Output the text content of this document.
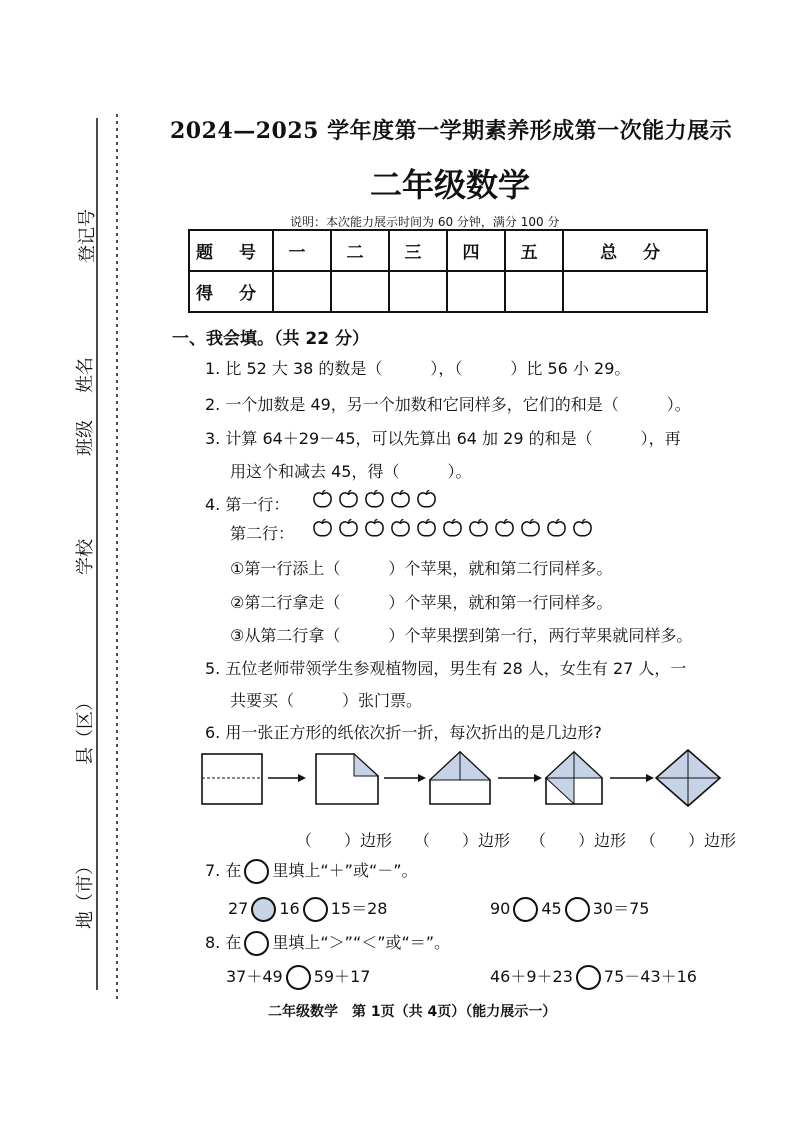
登记号
姓名
班级
学校
县（区）
地（市）
2024—2025 学年度第一学期素养形成第一次能力展示
二年级数学
说明：本次能力展示时间为 60 分钟，满分 100 分
题 号	一	二	三	四	五	总 分
得 分						
一、我会填。（共 22 分）
1. 比 52 大 38 的数是（　　　），（　　　）比 56 小 29。
2. 一个加数是 49，另一个加数和它同样多，它们的和是（　　　）。
3. 计算 64＋29－45，可以先算出 64 加 29 的和是（　　　），再
用这个和减去 45，得（　　　）。
4. 第一行：
第二行：
①第一行添上（　　　）个苹果，就和第二行同样多。
②第二行拿走（　　　）个苹果，就和第一行同样多。
③从第二行拿（　　　）个苹果摆到第一行，两行苹果就同样多。
5. 五位老师带领学生参观植物园，男生有 28 人，女生有 27 人，一
共要买（　　　）张门票。
6. 用一张正方形的纸依次折一折，每次折出的是几边形?
（　　）边形 （　　）边形 （　　）边形 （　　）边形
7. 在 里填上“＋”或“－”。
27 16 15＝28	90 45 30＝75
8. 在 里填上“＞”“＜”或“＝”。
37＋49 59＋17	46＋9＋23 75－43＋16
二年级数学　第 1页（共 4页）（能力展示一）
